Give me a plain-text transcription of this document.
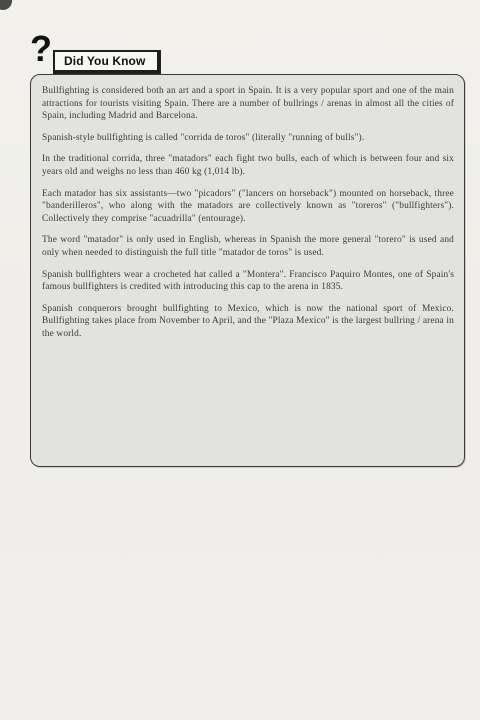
? Did You Know

Bullfighting is considered both an art and a sport in Spain. It is a very popular sport and one of the main attractions for tourists visiting Spain. There are a number of bullrings / arenas in almost all the cities of Spain, including Madrid and Barcelona.

Spanish-style bullfighting is called "corrida de toros" (literally "running of bulls").

In the traditional corrida, three "matadors" each fight two bulls, each of which is between four and six years old and weighs no less than 460 kg (1,014 lb).

Each matador has six assistants—two "picadors" ("lancers on horseback") mounted on horseback, three "banderilleros", who along with the matadors are collectively known as "toreros" ("bullfighters"). Collectively they comprise "acuadrilla" (entourage).

The word "matador" is only used in English, whereas in Spanish the more general "torero" is used and only when needed to distinguish the full title "matador de toros" is used.

Spanish bullfighters wear a crocheted hat called a "Montera". Francisco Paquiro Montes, one of Spain's famous bullfighters is credited with introducing this cap to the arena in 1835.

Spanish conquerors brought bullfighting to Mexico, which is now the national sport of Mexico. Bullfighting takes place from November to April, and the "Plaza Mexico" is the largest bullring / arena in the world.
